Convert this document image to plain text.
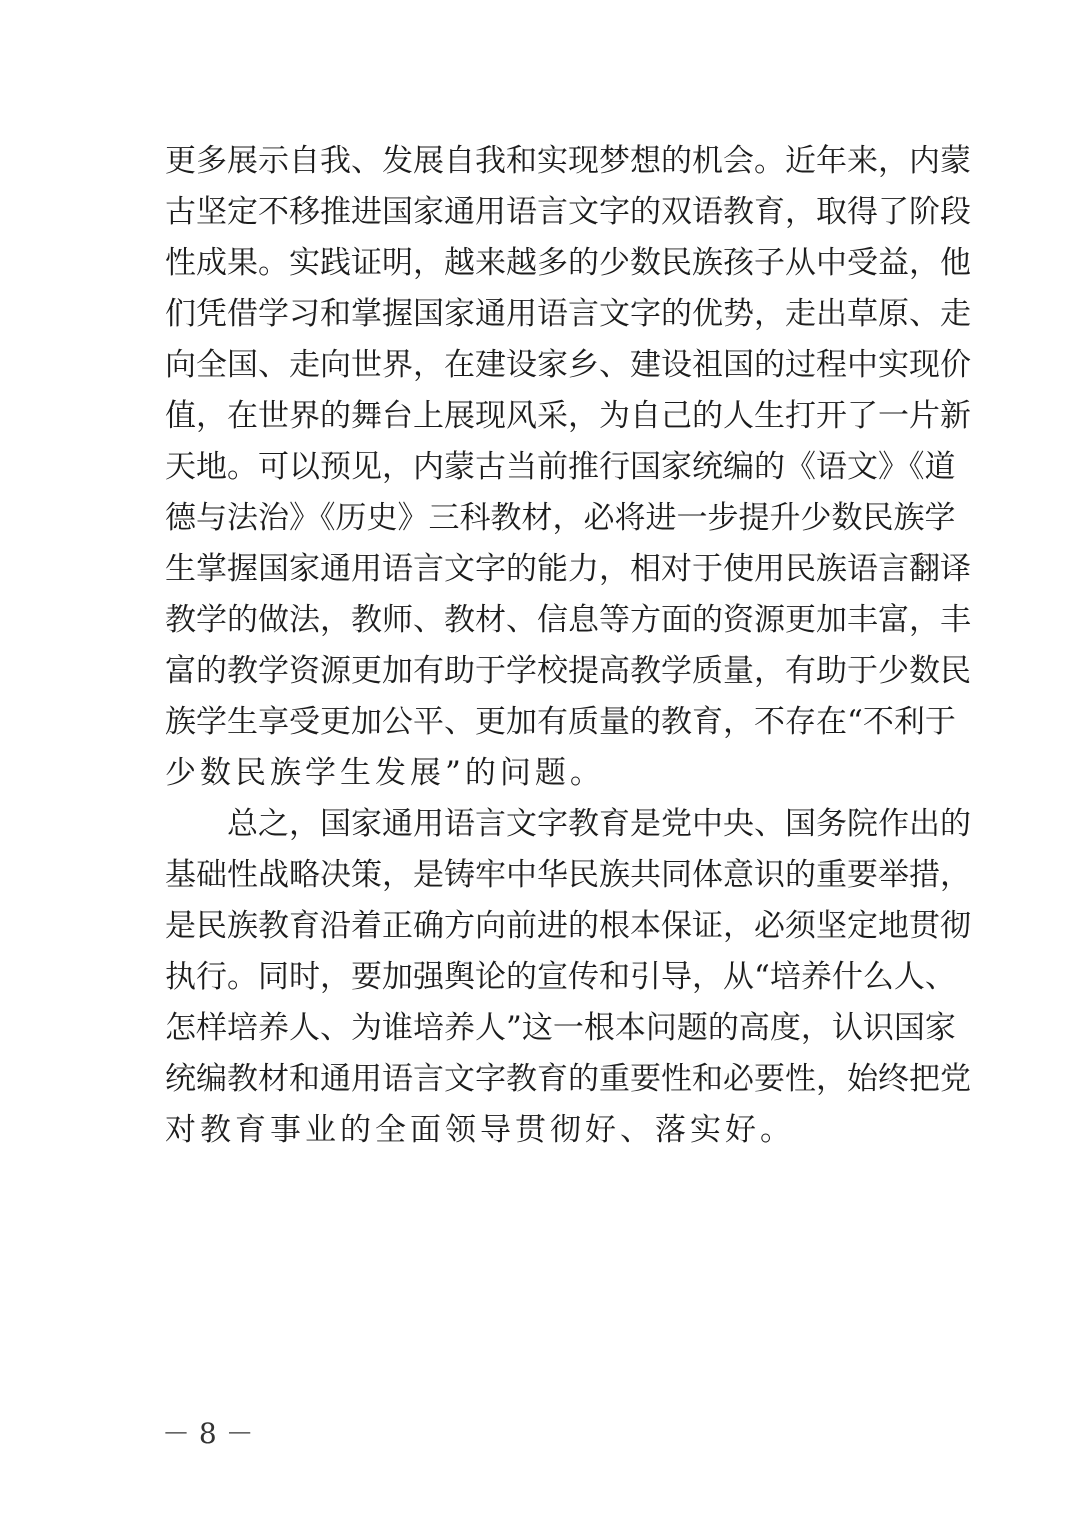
更多展示自我、发展自我和实现梦想的机会。近年来，内蒙
古坚定不移推进国家通用语言文字的双语教育，取得了阶段
性成果。实践证明，越来越多的少数民族孩子从中受益，他
们凭借学习和掌握国家通用语言文字的优势，走出草原、走
向全国、走向世界，在建设家乡、建设祖国的过程中实现价
值，在世界的舞台上展现风采，为自己的人生打开了一片新
天地。可以预见，内蒙古当前推行国家统编的《语文》《道
德与法治》《历史》三科教材，必将进一步提升少数民族学
生掌握国家通用语言文字的能力，相对于使用民族语言翻译
教学的做法，教师、教材、信息等方面的资源更加丰富，丰
富的教学资源更加有助于学校提高教学质量，有助于少数民
族学生享受更加公平、更加有质量的教育，不存在“不利于
少数民族学生发展”的问题。
总之，国家通用语言文字教育是党中央、国务院作出的
基础性战略决策，是铸牢中华民族共同体意识的重要举措，
是民族教育沿着正确方向前进的根本保证，必须坚定地贯彻
执行。同时，要加强舆论的宣传和引导，从“培养什么人、
怎样培养人、为谁培养人”这一根本问题的高度，认识国家
统编教材和通用语言文字教育的重要性和必要性，始终把党
对教育事业的全面领导贯彻好、落实好。
－ 8 －
